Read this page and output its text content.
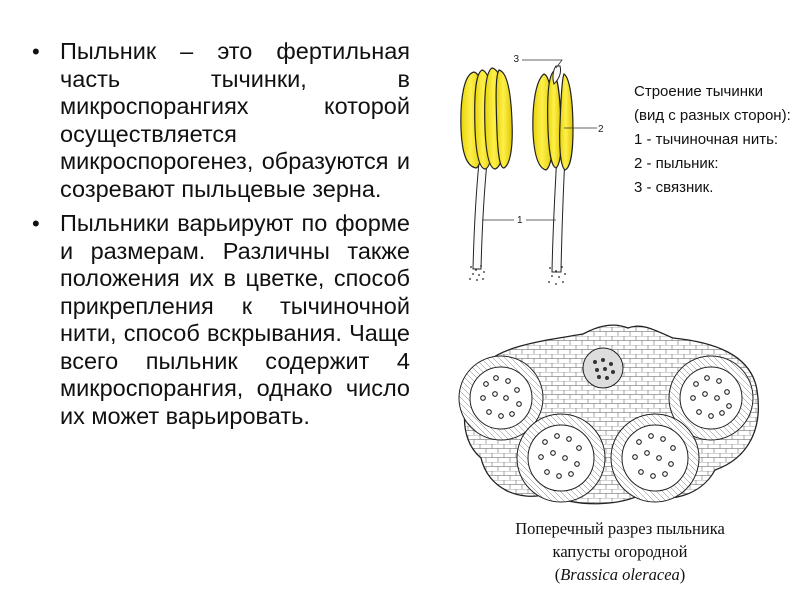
• Пыльник – это фертильная часть тычинки, в микроспорангиях которой осуществляется микроспорогенез, образуются и созревают пыльцевые зерна.
• Пыльники варьируют по форме и размерам. Различны также положения их в цветке, способ прикрепления к тычиночной нити, способ вскрывания. Чаще всего пыльник содержит 4 микроспорангия, однако число их может варьировать.
3
2
1
Строение тычинки (вид с разных сторон):
1 - тычиночная нить:
2 - пыльник:
3 - связник.
Поперечный разрез пыльника
капусты огородной
(Brassica oleracea)
